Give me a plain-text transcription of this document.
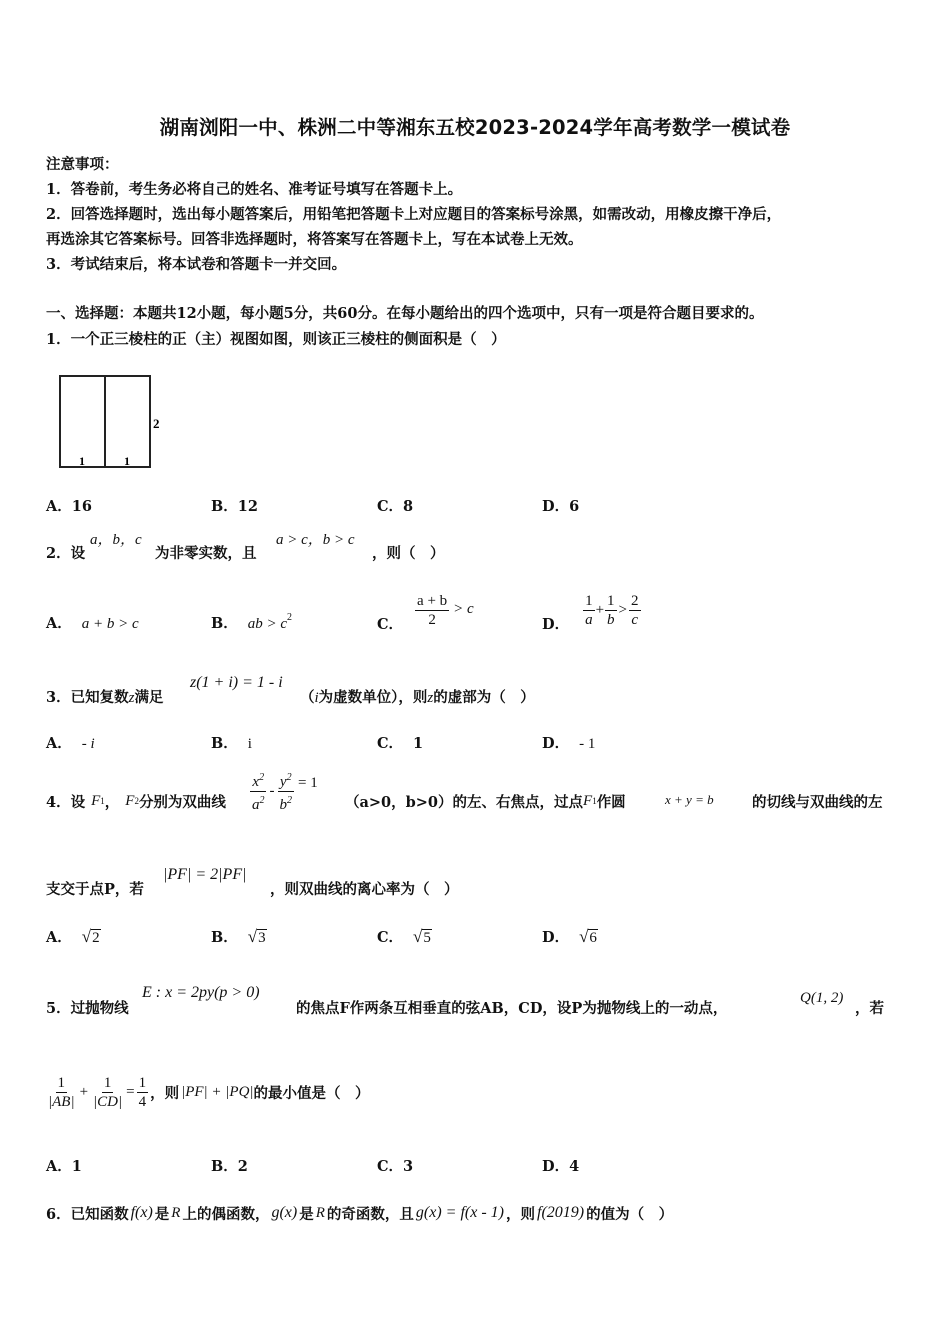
湖南浏阳一中、株洲二中等湘东五校2023-2024学年高考数学一模试卷
注意事项：
1．答卷前，考生务必将自己的姓名、准考证号填写在答题卡上。
2．回答选择题时，选出每小题答案后，用铅笔把答题卡上对应题目的答案标号涂黑，如需改动，用橡皮擦干净后，
再选涂其它答案标号。回答非选择题时，将答案写在答题卡上，写在本试卷上无效。
3．考试结束后，将本试卷和答题卡一并交回。
一、选择题：本题共12小题，每小题5分，共60分。在每小题给出的四个选项中，只有一项是符合题目要求的。
1．一个正三棱柱的正（主）视图如图，则该正三棱柱的侧面积是（　）
1	1
2
A．16	B．12	C．8	D．6
2．设
a，b，c
为非零实数，且
a > c，b > c
，则（　）
A． a + b > c	B． ab > $c^2$	C． $\frac{a + b}{2} > c$
D． $\frac{1}{a} + \frac{1}{b} > \frac{2}{c}$
3．已知复数z满足
z(1 + i) = 1 - i
（i为虚数单位），则z的虚部为（　）
A． - i	B． i	C． 1	D． - 1
4．设 F 1 ， F 2 分别为双曲线 $\frac{x^2}{a^2} - \frac{y^2}{b^2} = 1$
（a>0，b>0）的左、右焦点，过点 F 1 作圆	x + y = b	的切线与双曲线的左
支交于点P，若
|PF| = 2|PF|
，则双曲线的离心率为（　）
A． √2	B． √3	C． √5	D． √6
5．过抛物线
E : x = 2py(p > 0)
的焦点F作两条互相垂直的弦AB，CD，设P为抛物线上的一动点，
Q(1, 2)
，若
$\frac{1}{|AB|} + \frac{1}{|CD|} = \frac{1}{4}$ ，则 |PF| + |PQ| 的最小值是（　）
A．1	B．2	C．3	D．4
6．已知函数 f(x) 是 R 上的偶函数， g(x) 是 R 的奇函数，且 g(x) = f(x - 1) ，则 f(2019) 的值为（　）
